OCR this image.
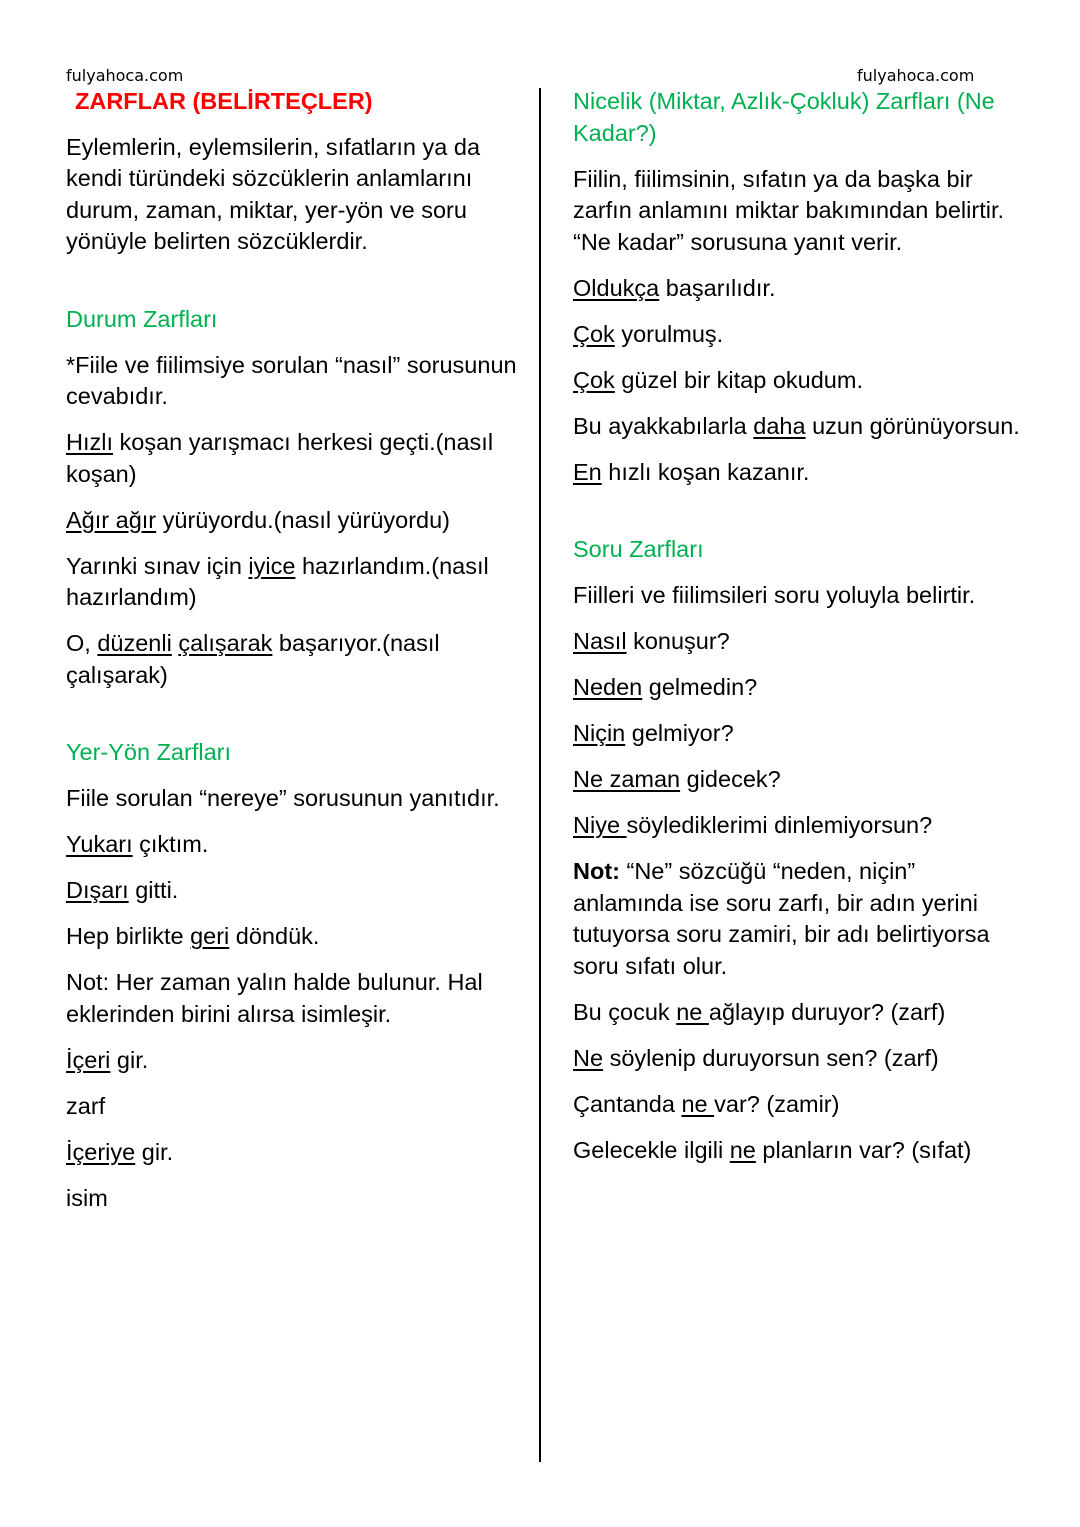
fulyahoca.com	fulyahoca.com

ZARFLAR (BELİRTEÇLER)

Eylemlerin, eylemsilerin, sıfatların ya da kendi türündeki sözcüklerin anlamlarını durum, zaman, miktar, yer-yön ve soru yönüyle belirten sözcüklerdir.

Durum Zarfları

*Fiile ve fiilimsiye sorulan “nasıl” sorusunun cevabıdır.

Hızlı koşan yarışmacı herkesi geçti.(nasıl koşan)

Ağır ağır yürüyordu.(nasıl yürüyordu)

Yarınki sınav için iyice hazırlandım.(nasıl hazırlandım)

O, düzenli çalışarak başarıyor.(nasıl çalışarak)

Yer-Yön Zarfları

Fiile sorulan “nereye” sorusunun yanıtıdır.

Yukarı çıktım.

Dışarı gitti.

Hep birlikte geri döndük.

Not: Her zaman yalın halde bulunur. Hal eklerinden birini alırsa isimleşir.

İçeri gir.

zarf

İçeriye gir.

isim

Nicelik (Miktar, Azlık-Çokluk) Zarfları (Ne Kadar?)

Fiilin, fiilimsinin, sıfatın ya da başka bir zarfın anlamını miktar bakımından belirtir. “Ne kadar” sorusuna yanıt verir.

Oldukça başarılıdır.

Çok yorulmuş.

Çok güzel bir kitap okudum.

Bu ayakkabılarla daha uzun görünüyorsun.

En hızlı koşan kazanır.

Soru Zarfları

Fiilleri ve fiilimsileri soru yoluyla belirtir.

Nasıl konuşur?

Neden gelmedin?

Niçin gelmiyor?

Ne zaman gidecek?

Niye söylediklerimi dinlemiyorsun?

Not: “Ne” sözcüğü “neden, niçin” anlamında ise soru zarfı, bir adın yerini tutuyorsa soru zamiri, bir adı belirtiyorsa soru sıfatı olur.

Bu çocuk ne ağlayıp duruyor? (zarf)

Ne söylenip duruyorsun sen? (zarf)

Çantanda ne var? (zamir)

Gelecekle ilgili ne planların var? (sıfat)
